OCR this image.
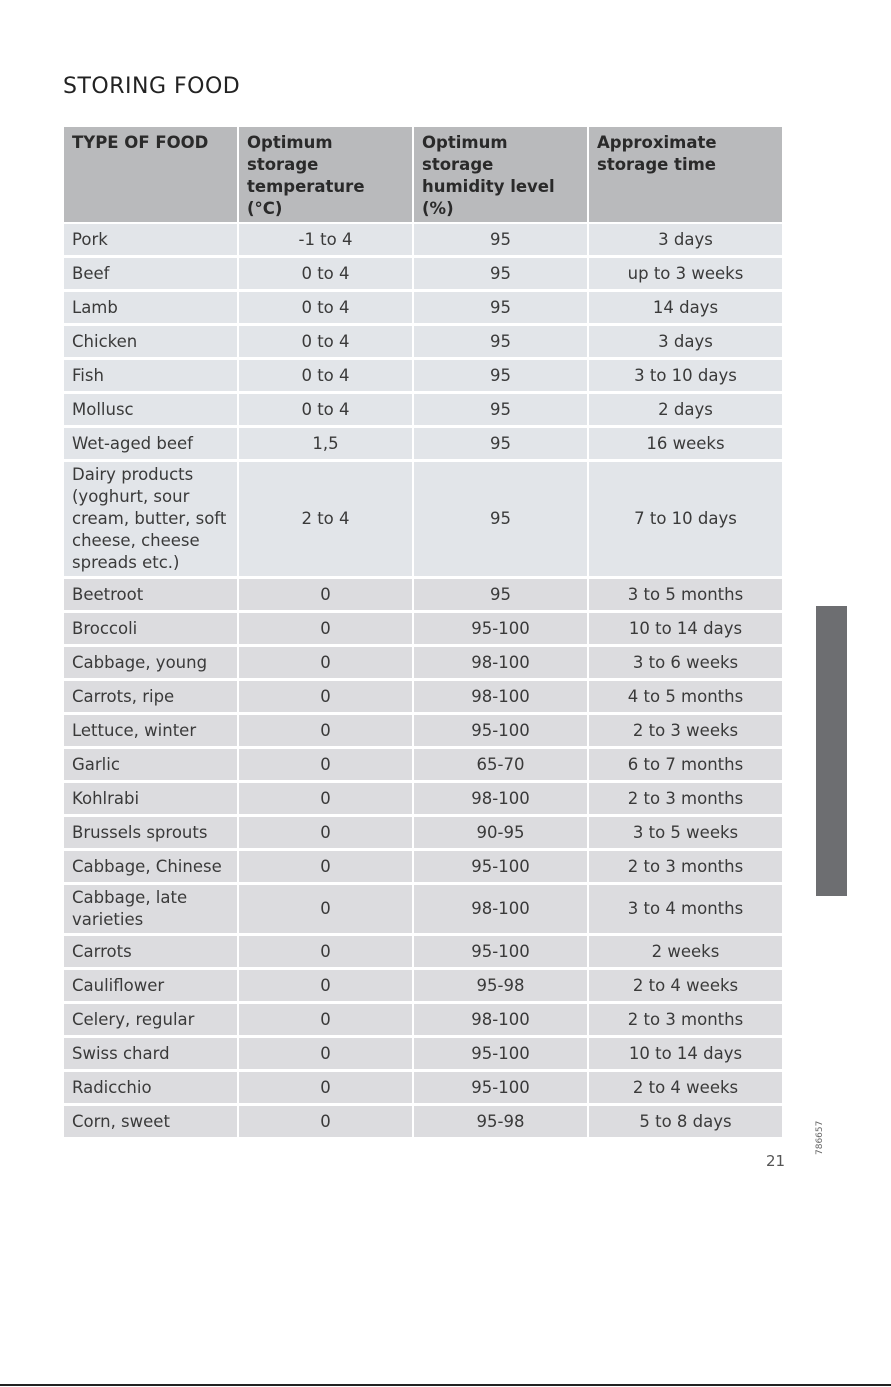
STORING FOOD
TYPE OF FOOD	Optimum storage temperature (°C)	Optimum storage humidity level (%)	Approximate storage time
Pork	-1 to 4	95	3 days
Beef	0 to 4	95	up to 3 weeks
Lamb	0 to 4	95	14 days
Chicken	0 to 4	95	3 days
Fish	0 to 4	95	3 to 10 days
Mollusc	0 to 4	95	2 days
Wet-aged beef	1,5	95	16 weeks
Dairy products (yoghurt, sour cream, butter, soft cheese, cheese spreads etc.)	2 to 4	95	7 to 10 days
Beetroot	0	95	3 to 5 months
Broccoli	0	95-100	10 to 14 days
Cabbage, young	0	98-100	3 to 6 weeks
Carrots, ripe	0	98-100	4 to 5 months
Lettuce, winter	0	95-100	2 to 3 weeks
Garlic	0	65-70	6 to 7 months
Kohlrabi	0	98-100	2 to 3 months
Brussels sprouts	0	90-95	3 to 5 weeks
Cabbage, Chinese	0	95-100	2 to 3 months
Cabbage, late varieties	0	98-100	3 to 4 months
Carrots	0	95-100	2 weeks
Cauliflower	0	95-98	2 to 4 weeks
Celery, regular	0	98-100	2 to 3 months
Swiss chard	0	95-100	10 to 14 days
Radicchio	0	95-100	2 to 4 weeks
Corn, sweet	0	95-98	5 to 8 days	786657
21
